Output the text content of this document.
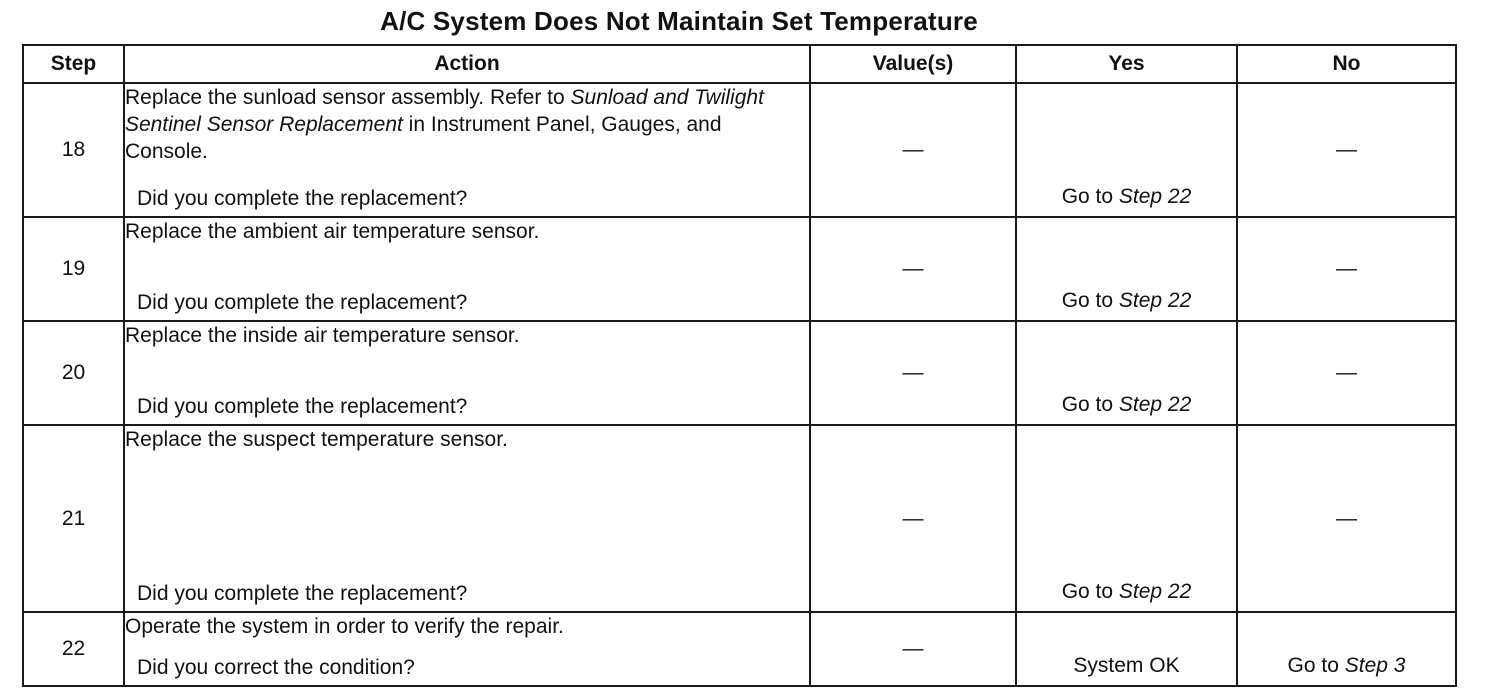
A/C System Does Not Maintain Set Temperature
Step	Action	Value(s)	Yes	No
18	Replace the sunload sensor assembly. Refer to Sunload and Twilight Sentinel Sensor Replacement in Instrument Panel, Gauges, and Console.
Did you complete the replacement?	—	Go to Step 22	—
19	Replace the ambient air temperature sensor.
Did you complete the replacement?	—	Go to Step 22	—
20	Replace the inside air temperature sensor.
Did you complete the replacement?	—	Go to Step 22	—
21	Replace the suspect temperature sensor.
Did you complete the replacement?	—	Go to Step 22	—
22	Operate the system in order to verify the repair.
Did you correct the condition?	—	System OK	Go to Step 3
